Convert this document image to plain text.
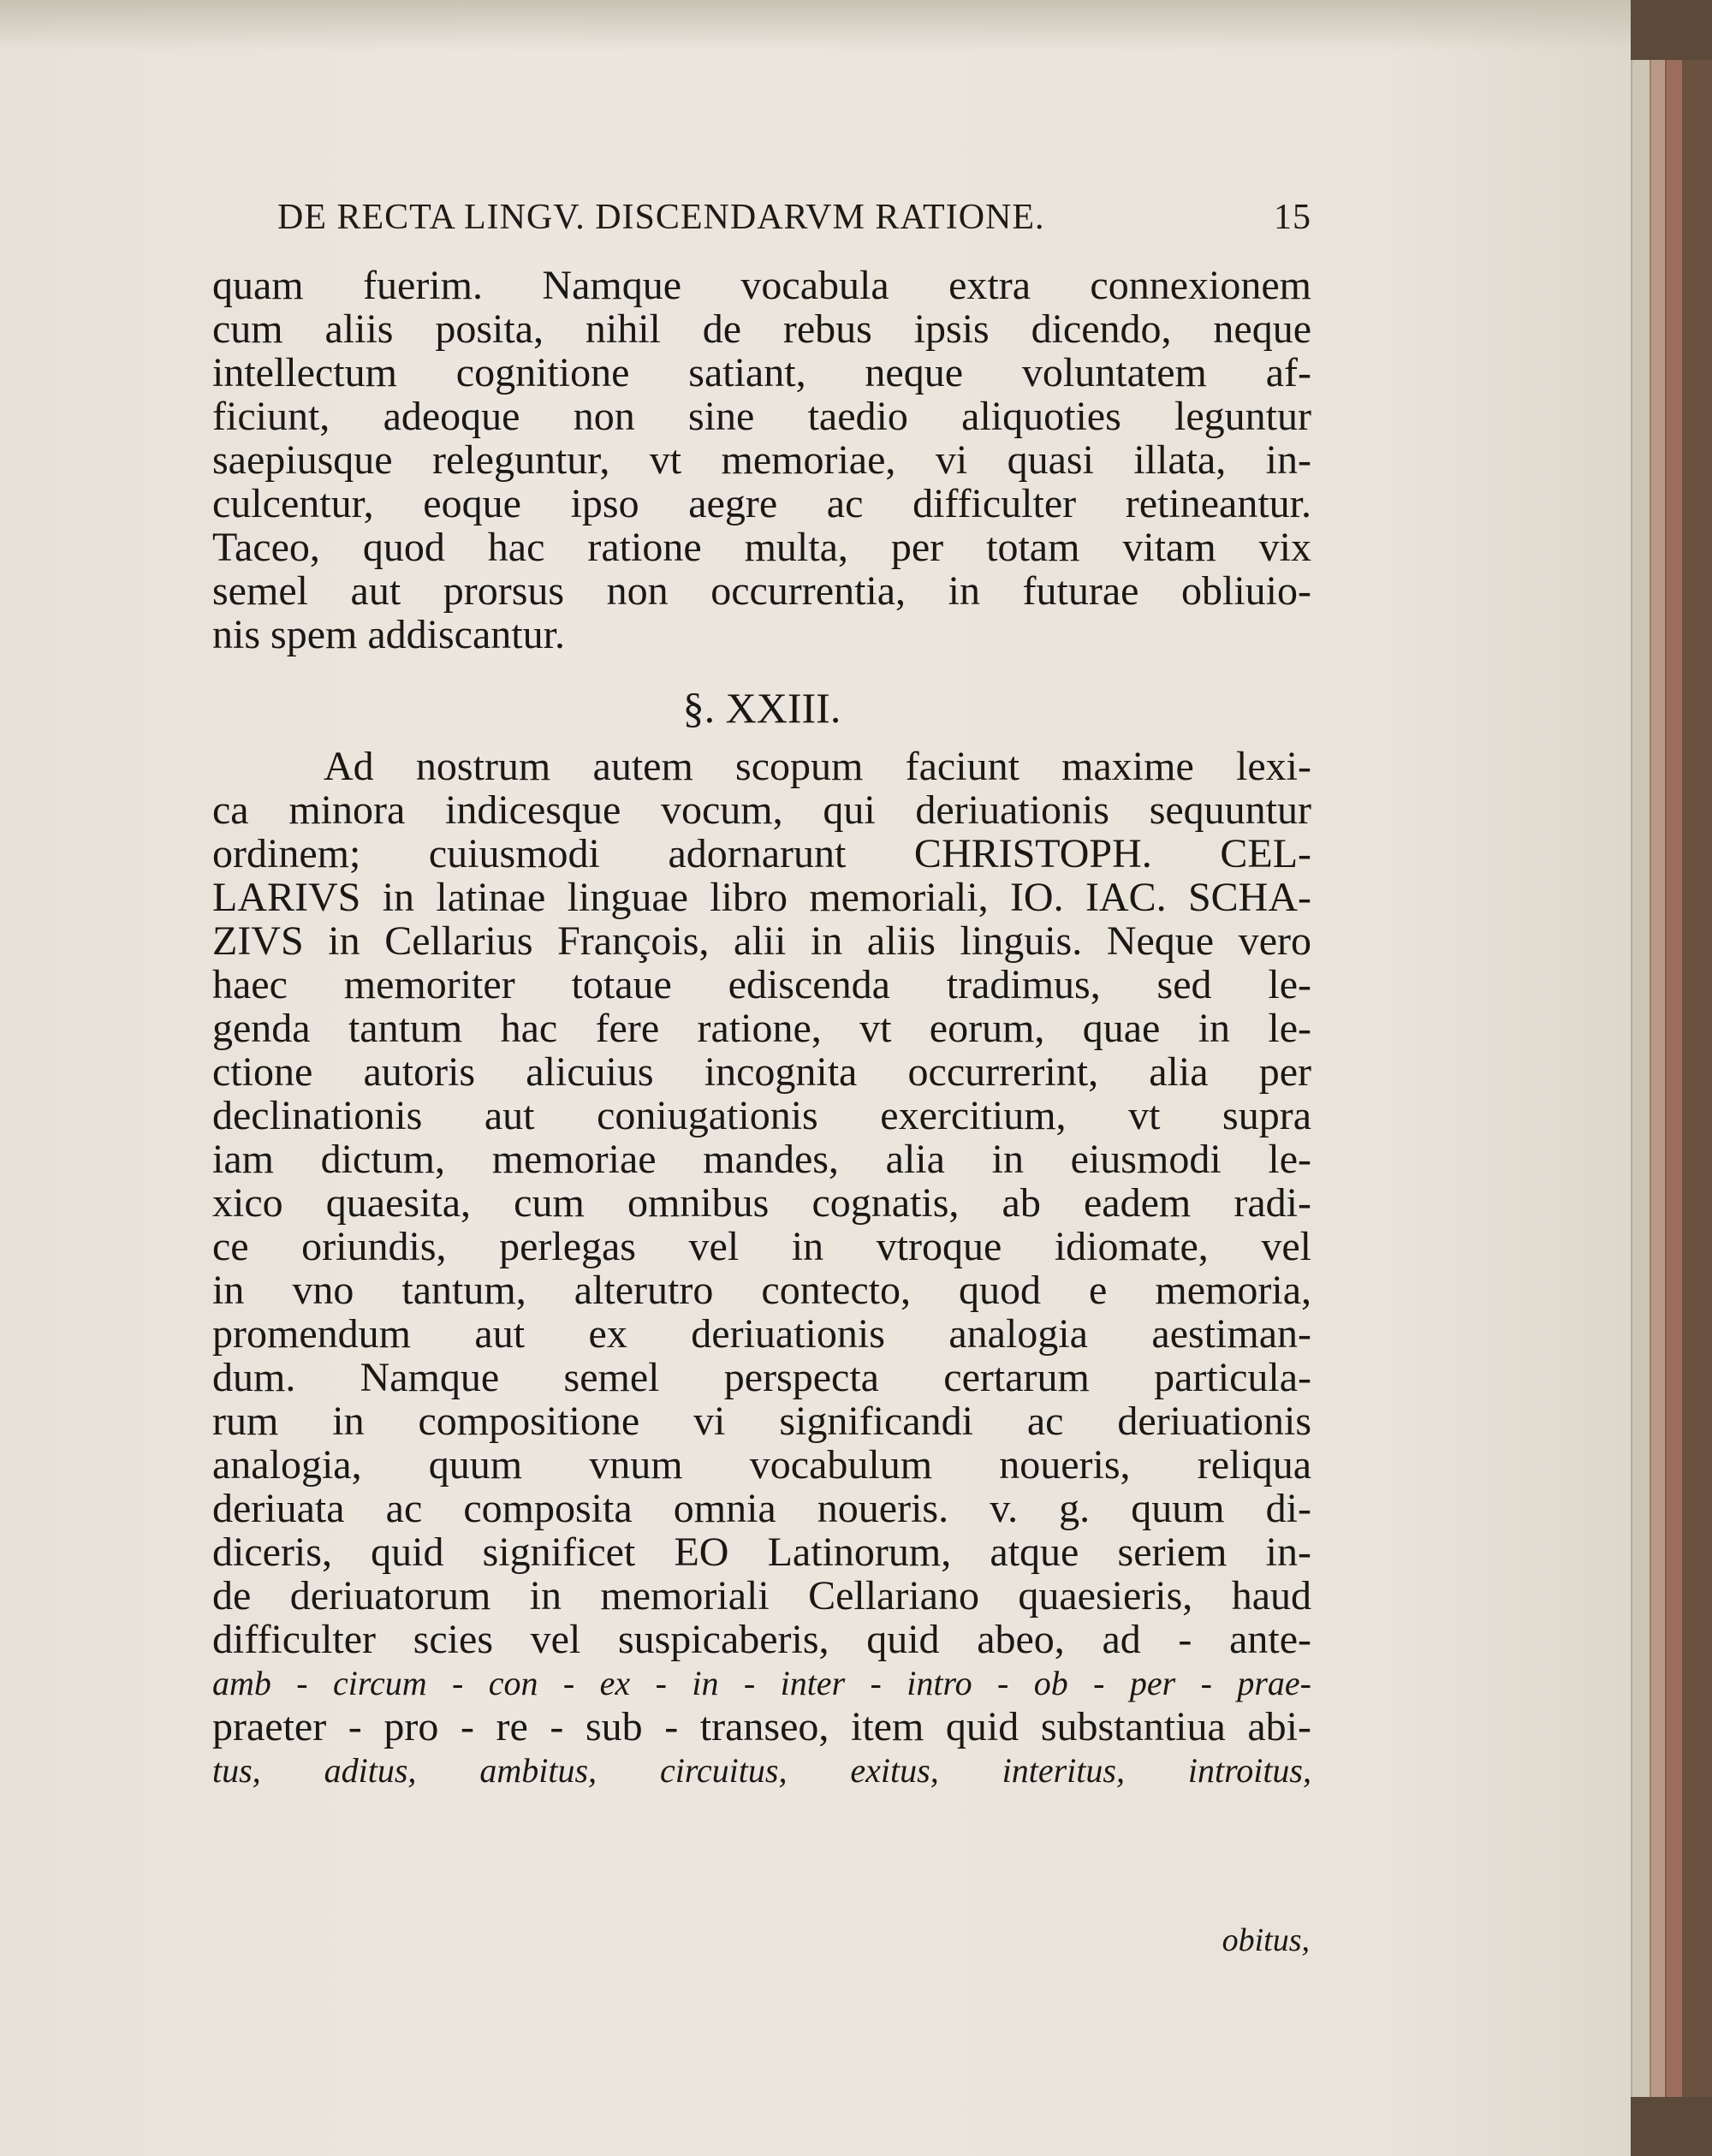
DE RECTA LINGV. DISCENDARVM RATIONE.	15
quam fuerim. Namque vocabula extra connexionem
cum aliis posita, nihil de rebus ipsis dicendo, neque
intellectum cognitione satiant, neque voluntatem af-
ficiunt, adeoque non sine taedio aliquoties leguntur
saepiusque releguntur, vt memoriae, vi quasi illata, in-
culcentur, eoque ipso aegre ac difficulter retineantur.
Taceo, quod hac ratione multa, per totam vitam vix
semel aut prorsus non occurrentia, in futurae obliuio-
nis spem addiscantur.
§. XXIII.
Ad nostrum autem scopum faciunt maxime lexi-
ca minora indicesque vocum, qui deriuationis sequuntur
ordinem; cuiusmodi adornarunt CHRISTOPH. CEL-
LARIVS in latinae linguae libro memoriali, IO. IAC. SCHA-
ZIVS in Cellarius François, alii in aliis linguis. Neque vero
haec memoriter totaue ediscenda tradimus, sed le-
genda tantum hac fere ratione, vt eorum, quae in le-
ctione autoris alicuius incognita occurrerint, alia per
declinationis aut coniugationis exercitium, vt supra
iam dictum, memoriae mandes, alia in eiusmodi le-
xico quaesita, cum omnibus cognatis, ab eadem radi-
ce oriundis, perlegas vel in vtroque idiomate, vel
in vno tantum, alterutro contecto, quod e memoria,
promendum aut ex deriuationis analogia aestiman-
dum. Namque semel perspecta certarum particula-
rum in compositione vi significandi ac deriuationis
analogia, quum vnum vocabulum noueris, reliqua
deriuata ac composita omnia noueris. v. g. quum di-
diceris, quid significet EO Latinorum, atque seriem in-
de deriuatorum in memoriali Cellariano quaesieris, haud
difficulter scies vel suspicaberis, quid abeo, ad - ante-
amb - circum - con - ex - in - inter - intro - ob - per - prae-
praeter - pro - re - sub - transeo, item quid substantiua abi-
tus, aditus, ambitus, circuitus, exitus, interitus, introitus,
obitus,
